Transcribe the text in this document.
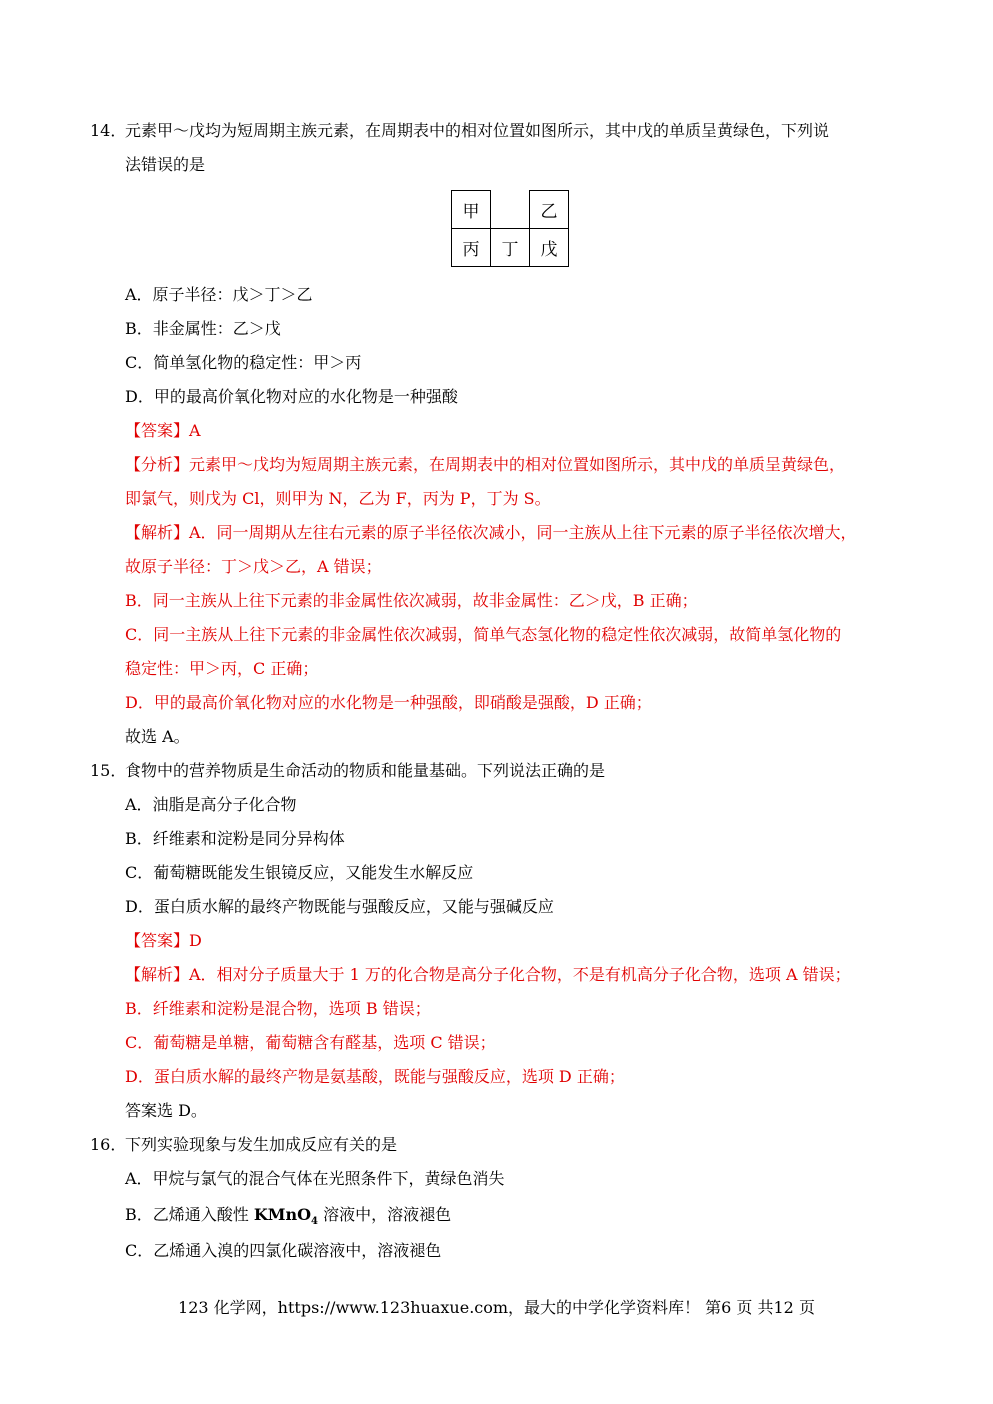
14．
元素甲～戊均为短周期主族元素，在周期表中的相对位置如图所示，其中戊的单质呈黄绿色，下列说
法错误的是
甲		乙
丙	丁	戊
A．原子半径：戊＞丁＞乙
B．非金属性：乙＞戊
C．简单氢化物的稳定性：甲＞丙
D．甲的最高价氧化物对应的水化物是一种强酸
【答案】A
【分析】元素甲～戊均为短周期主族元素，在周期表中的相对位置如图所示，其中戊的单质呈黄绿色，
即氯气，则戊为 Cl，则甲为 N，乙为 F，丙为 P，丁为 S。
【解析】A．同一周期从左往右元素的原子半径依次减小，同一主族从上往下元素的原子半径依次增大，
故原子半径：丁＞戊＞乙，A 错误；
B．同一主族从上往下元素的非金属性依次减弱，故非金属性：乙＞戊，B 正确；
C．同一主族从上往下元素的非金属性依次减弱，简单气态氢化物的稳定性依次减弱，故简单氢化物的
稳定性：甲＞丙，C 正确；
D．甲的最高价氧化物对应的水化物是一种强酸，即硝酸是强酸，D 正确；
故选 A。
15．
食物中的营养物质是生命活动的物质和能量基础。下列说法正确的是
A．油脂是高分子化合物
B．纤维素和淀粉是同分异构体
C．葡萄糖既能发生银镜反应，又能发生水解反应
D．蛋白质水解的最终产物既能与强酸反应，又能与强碱反应
【答案】D
【解析】A．相对分子质量大于 1 万的化合物是高分子化合物，不是有机高分子化合物，选项 A 错误；
B．纤维素和淀粉是混合物，选项 B 错误；
C．葡萄糖是单糖，葡萄糖含有醛基，选项 C 错误；
D．蛋白质水解的最终产物是氨基酸，既能与强酸反应，选项 D 正确；
答案选 D。
16．
下列实验现象与发生加成反应有关的是
A．甲烷与氯气的混合气体在光照条件下，黄绿色消失
B．乙烯通入酸性 KMnO$_4$ 溶液中，溶液褪色
C．乙烯通入溴的四氯化碳溶液中，溶液褪色
123 化学网，https://www.123huaxue.com，最大的中学化学资料库！ 第6 页 共12 页
